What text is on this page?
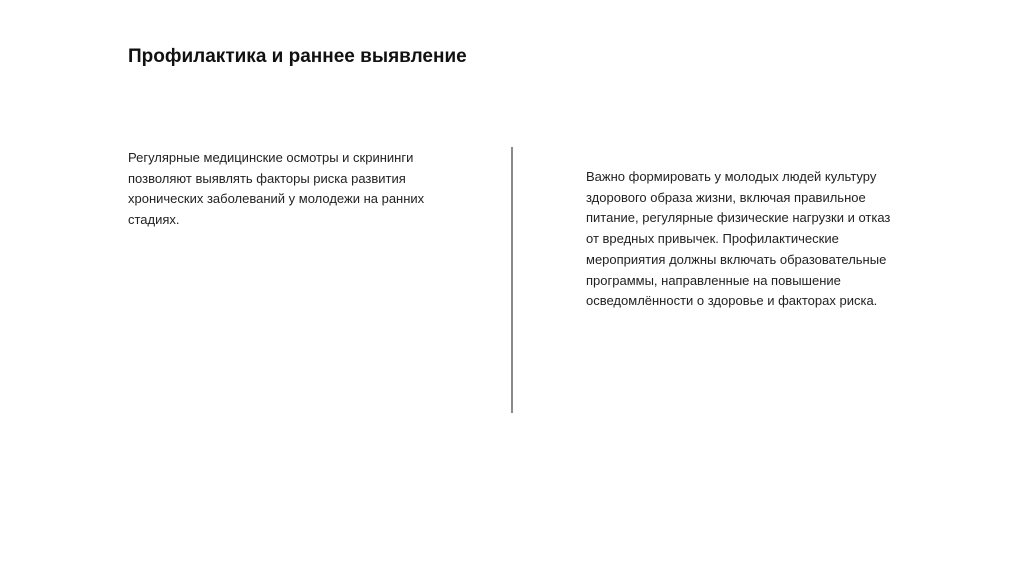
Профилактика и раннее выявление
Регулярные медицинские осмотры и скрининги
позволяют выявлять факторы риска развития
хронических заболеваний у молодежи на ранних
стадиях.
Важно формировать у молодых людей культуру
здорового образа жизни, включая правильное
питание, регулярные физические нагрузки и отказ
от вредных привычек. Профилактические
мероприятия должны включать образовательные
программы, направленные на повышение
осведомлённости о здоровье и факторах риска.
